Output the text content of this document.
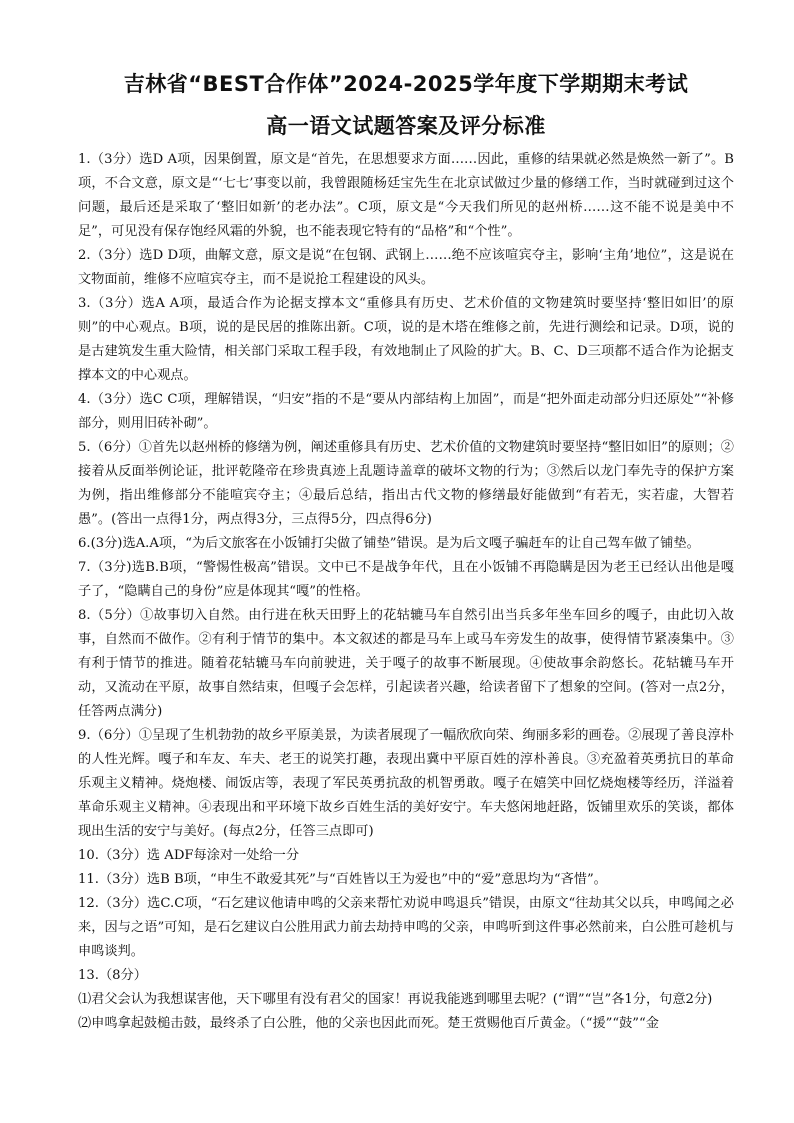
吉林省“BEST合作体”2024-2025学年度下学期期末考试
高一语文试题答案及评分标准

1.（3分）选D A项，因果倒置，原文是“首先，在思想要求方面……因此，重修的结果就必然是焕然一新了”。B项，不合文意，原文是“‘七七’事变以前，我曾跟随杨廷宝先生在北京试做过少量的修缮工作，当时就碰到过这个问题，最后还是采取了‘整旧如新’的老办法”。C项，原文是“今天我们所见的赵州桥……这不能不说是美中不足”，可见没有保存饱经风霜的外貌，也不能表现它特有的“品格”和“个性”。

2.（3分）选D D项，曲解文意，原文是说“在包钢、武钢上……绝不应该喧宾夺主，影响‘主角’地位”，这是说在文物面前，维修不应喧宾夺主，而不是说抢工程建设的风头。

3.（3分）选A A项，最适合作为论据支撑本文“重修具有历史、艺术价值的文物建筑时要坚持‘整旧如旧’的原则”的中心观点。B项，说的是民居的推陈出新。C项，说的是木塔在维修之前，先进行测绘和记录。D项，说的是古建筑发生重大险情，相关部门采取工程手段，有效地制止了风险的扩大。B、C、D三项都不适合作为论据支撑本文的中心观点。

4.（3分）选C C项，理解错误，“归安”指的不是“要从内部结构上加固”，而是“把外面走动部分归还原处”“补修部分，则用旧砖补砌”。

5.（6分）①首先以赵州桥的修缮为例，阐述重修具有历史、艺术价值的文物建筑时要坚持“整旧如旧”的原则；②接着从反面举例论证，批评乾隆帝在珍贵真迹上乱题诗盖章的破坏文物的行为；③然后以龙门奉先寺的保护方案为例，指出维修部分不能喧宾夺主；④最后总结，指出古代文物的修缮最好能做到“有若无，实若虚，大智若愚”。(答出一点得1分，两点得3分，三点得5分，四点得6分)

6.(3分)选A.A项，“为后文旅客在小饭铺打尖做了铺垫”错误。是为后文嘎子骗赶车的让自己驾车做了铺垫。

7.（3分)选B.B项，“警惕性极高”错误。文中已不是战争年代，且在小饭铺不再隐瞒是因为老王已经认出他是嘎子了，“隐瞒自己的身份”应是体现其“嘎”的性格。

8.（5分）①故事切入自然。由行进在秋天田野上的花轱辘马车自然引出当兵多年坐车回乡的嘎子，由此切入故事，自然而不做作。②有利于情节的集中。本文叙述的都是马车上或马车旁发生的故事，使得情节紧凑集中。③有利于情节的推进。随着花轱辘马车向前驶进，关于嘎子的故事不断展现。④使故事余韵悠长。花轱辘马车开动，又流动在平原，故事自然结束，但嘎子会怎样，引起读者兴趣，给读者留下了想象的空间。(答对一点2分，任答两点满分)

9.（6分）①呈现了生机勃勃的故乡平原美景，为读者展现了一幅欣欣向荣、绚丽多彩的画卷。②展现了善良淳朴的人性光辉。嘎子和车友、车夫、老王的说笑打趣，表现出冀中平原百姓的淳朴善良。③充盈着英勇抗日的革命乐观主义精神。烧炮楼、闹饭店等，表现了军民英勇抗敌的机智勇敢。嘎子在嬉笑中回忆烧炮楼等经历，洋溢着革命乐观主义精神。④表现出和平环境下故乡百姓生活的美好安宁。车夫悠闲地赶路，饭铺里欢乐的笑谈，都体现出生活的安宁与美好。(每点2分，任答三点即可)

10.（3分）选 ADF每涂对一处给一分

11.（3分）选B B项，“申生不敢爱其死”与“百姓皆以王为爱也”中的“爱”意思均为“吝惜”。

12.（3分）选C.C项，“石乞建议他请申鸣的父亲来帮忙劝说申鸣退兵”错误，由原文“往劫其父以兵，申鸣闻之必来，因与之语”可知，是石乞建议白公胜用武力前去劫持申鸣的父亲，申鸣听到这件事必然前来，白公胜可趁机与申鸣谈判。

13.（8分）

⑴君父会认为我想谋害他，天下哪里有没有君父的国家！再说我能逃到哪里去呢？(“谓”“岂”各1分，句意2分)

⑵申鸣拿起鼓槌击鼓，最终杀了白公胜，他的父亲也因此而死。楚王赏赐他百斤黄金。（“援”“鼓”“金
